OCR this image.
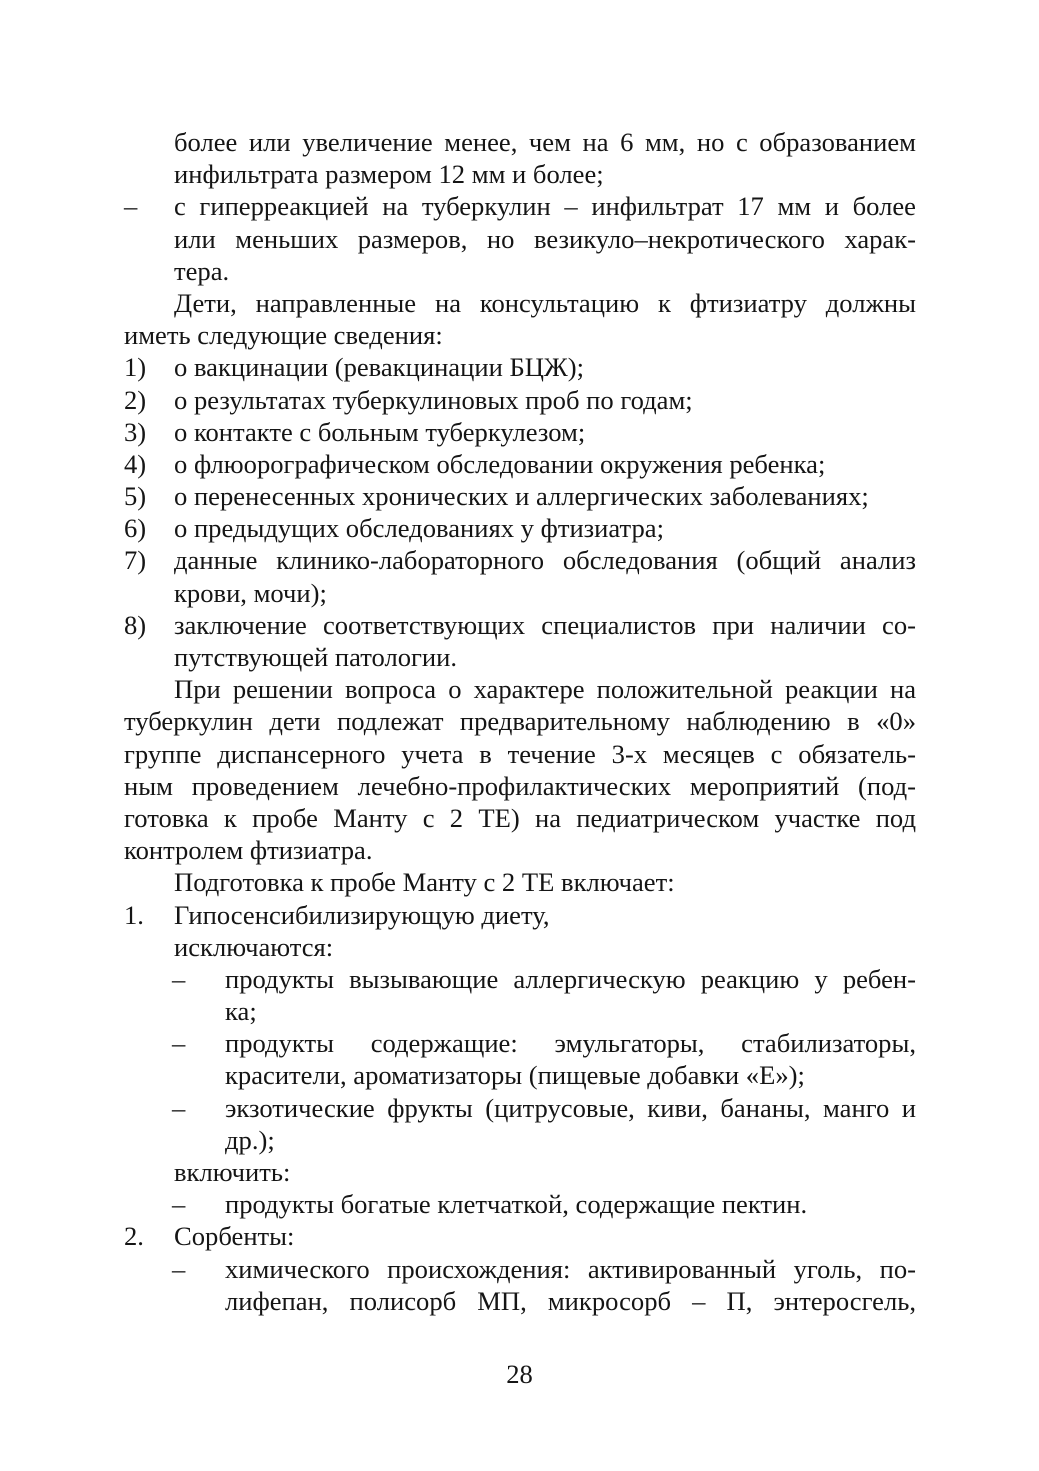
более или увеличение менее, чем на 6 мм, но с образованием
инфильтрата размером 12 мм и более;
– с гиперреакцией на туберкулин – инфильтрат 17 мм и более
или меньших размеров, но везикуло–некротического харак-
тера.
Дети, направленные на консультацию к фтизиатру должны
иметь следующие сведения:
1) о вакцинации (ревакцинации БЦЖ);
2) о результатах туберкулиновых проб по годам;
3) о контакте с больным туберкулезом;
4) о флюорографическом обследовании окружения ребенка;
5) о перенесенных хронических и аллергических заболеваниях;
6) о предыдущих обследованиях у фтизиатра;
7) данные клинико-лабораторного обследования (общий анализ
крови, мочи);
8) заключение соответствующих специалистов при наличии со-
путствующей патологии.
При решении вопроса о характере положительной реакции на
туберкулин дети подлежат предварительному наблюдению в «0»
группе диспансерного учета в течение 3-х месяцев с обязатель-
ным проведением лечебно-профилактических мероприятий (под-
готовка к пробе Манту с 2 ТЕ) на педиатрическом участке под
контролем фтизиатра.
Подготовка к пробе Манту с 2 ТЕ включает:
1. Гипосенсибилизирующую диету,
исключаются:
– продукты вызывающие аллергическую реакцию у ребен-
ка;
– продукты содержащие: эмульгаторы, стабилизаторы,
красители, ароматизаторы (пищевые добавки «Е»);
– экзотические фрукты (цитрусовые, киви, бананы, манго и
др.);
включить:
– продукты богатые клетчаткой, содержащие пектин.
2. Сорбенты:
– химического происхождения: активированный уголь, по-
лифепан, полисорб МП, микросорб – П, энтеросгель,
28
